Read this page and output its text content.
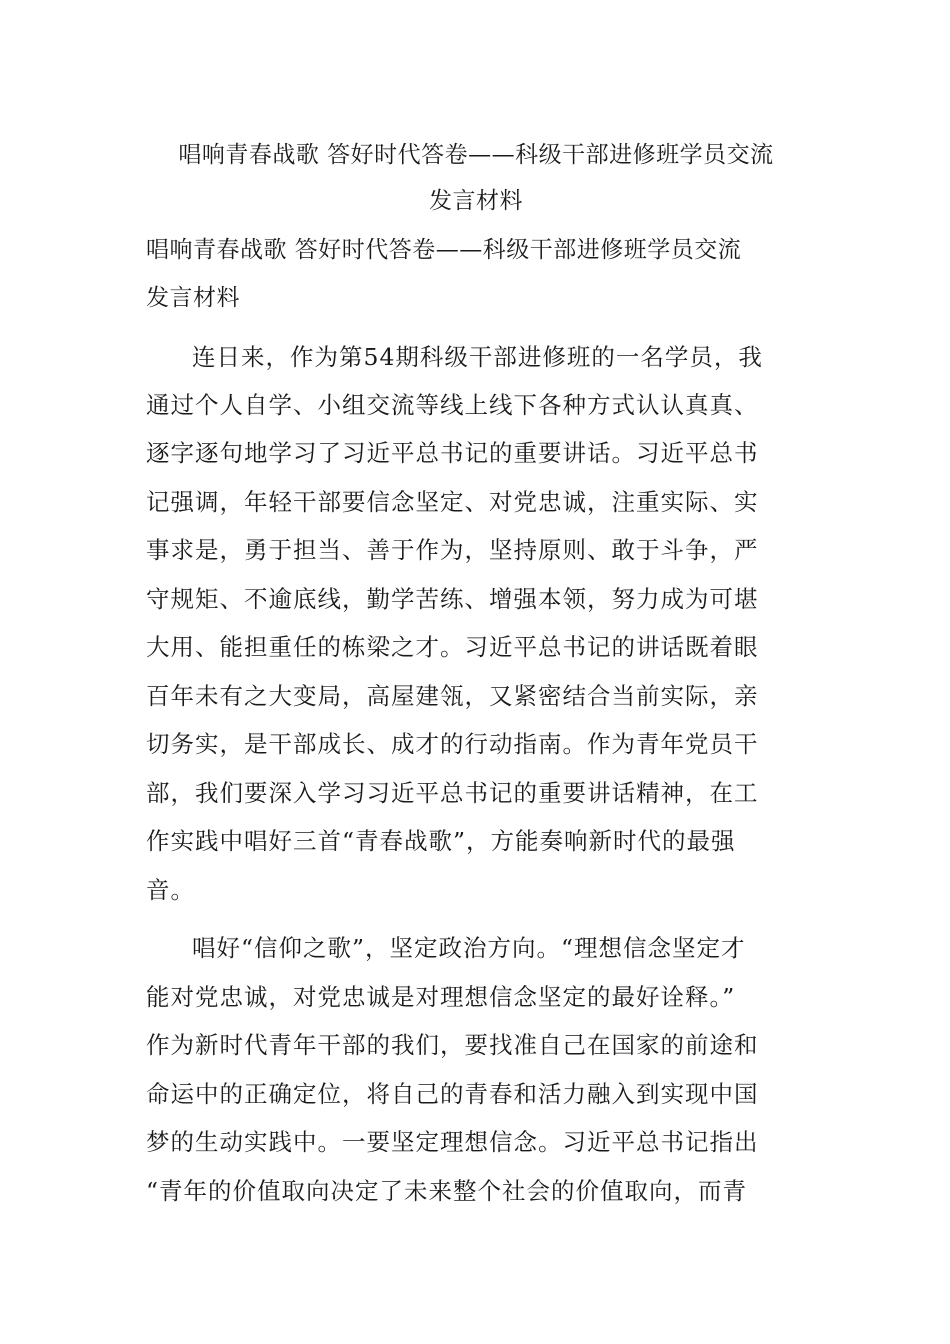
唱响青春战歌 答好时代答卷——科级干部进修班学员交流
发言材料
唱响青春战歌 答好时代答卷——科级干部进修班学员交流
发言材料
连日来，作为第54期科级干部进修班的一名学员，我
通过个人自学、小组交流等线上线下各种方式认认真真、
逐字逐句地学习了习近平总书记的重要讲话。习近平总书
记强调，年轻干部要信念坚定、对党忠诚，注重实际、实
事求是，勇于担当、善于作为，坚持原则、敢于斗争，严
守规矩、不逾底线，勤学苦练、增强本领，努力成为可堪
大用、能担重任的栋梁之才。习近平总书记的讲话既着眼
百年未有之大变局，高屋建瓴，又紧密结合当前实际，亲
切务实，是干部成长、成才的行动指南。作为青年党员干
部，我们要深入学习习近平总书记的重要讲话精神，在工
作实践中唱好三首“青春战歌”，方能奏响新时代的最强
音。
唱好“信仰之歌”，坚定政治方向。“理想信念坚定才
能对党忠诚，对党忠诚是对理想信念坚定的最好诠释。”
作为新时代青年干部的我们，要找准自己在国家的前途和
命运中的正确定位，将自己的青春和活力融入到实现中国
梦的生动实践中。一要坚定理想信念。习近平总书记指出
“青年的价值取向决定了未来整个社会的价值取向，而青
